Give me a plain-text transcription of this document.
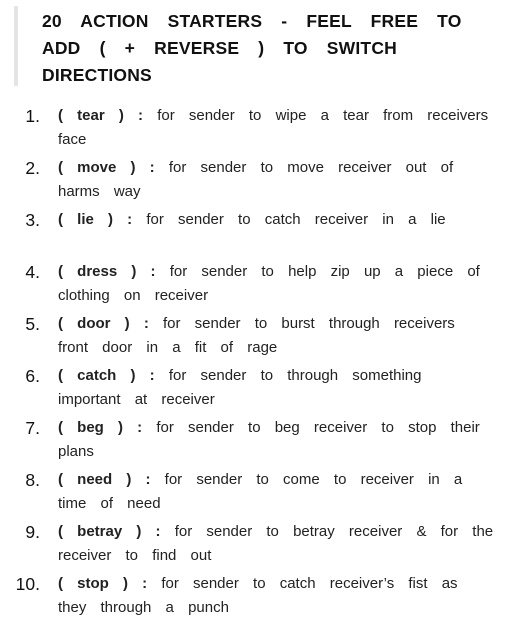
20 ACTION STARTERS - FEEL FREE TO ADD ( + REVERSE ) TO SWITCH DIRECTIONS
1. ( tear ) : for sender to wipe a tear from receivers face
2. ( move ) : for sender to move receiver out of harms way
3. ( lie ) : for sender to catch receiver in a lie
4. ( dress ) : for sender to help zip up a piece of clothing on receiver
5. ( door ) : for sender to burst through receivers front door in a fit of rage
6. ( catch ) : for sender to through something important at receiver
7. ( beg ) : for sender to beg receiver to stop their plans
8. ( need ) : for sender to come to receiver in a time of need
9. ( betray ) : for sender to betray receiver & for the receiver to find out
10. ( stop ) : for sender to catch receiver’s fist as they through a punch
